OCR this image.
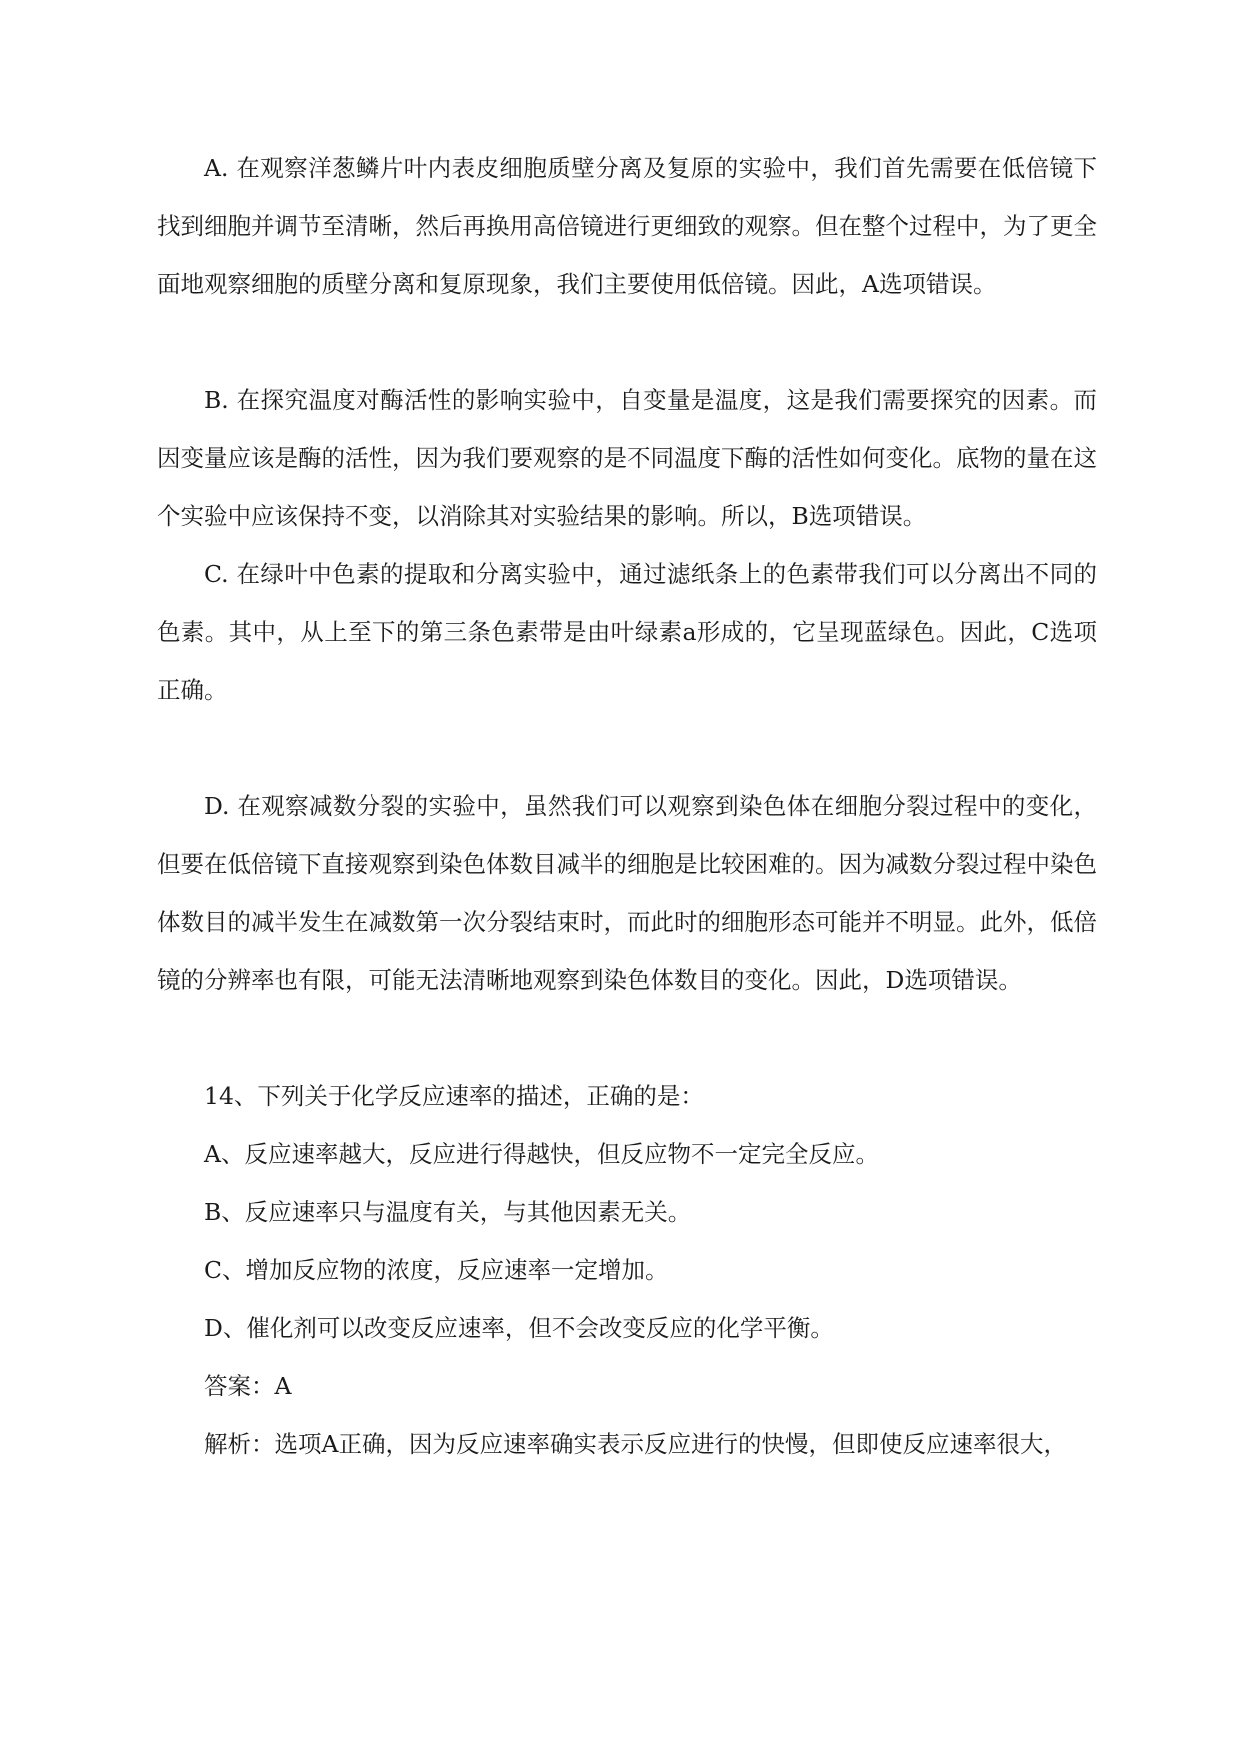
A. 在观察洋葱鳞片叶内表皮细胞质壁分离及复原的实验中，我们首先需要在低倍镜下找到细胞并调节至清晰，然后再换用高倍镜进行更细致的观察。但在整个过程中，为了更全面地观察细胞的质壁分离和复原现象，我们主要使用低倍镜。因此，A选项错误。

B. 在探究温度对酶活性的影响实验中，自变量是温度，这是我们需要探究的因素。而因变量应该是酶的活性，因为我们要观察的是不同温度下酶的活性如何变化。底物的量在这个实验中应该保持不变，以消除其对实验结果的影响。所以，B选项错误。

C. 在绿叶中色素的提取和分离实验中，通过滤纸条上的色素带我们可以分离出不同的色素。其中，从上至下的第三条色素带是由叶绿素a形成的，它呈现蓝绿色。因此，C选项正确。

D. 在观察减数分裂的实验中，虽然我们可以观察到染色体在细胞分裂过程中的变化，但要在低倍镜下直接观察到染色体数目减半的细胞是比较困难的。因为减数分裂过程中染色体数目的减半发生在减数第一次分裂结束时，而此时的细胞形态可能并不明显。此外，低倍镜的分辨率也有限，可能无法清晰地观察到染色体数目的变化。因此，D选项错误。

14、下列关于化学反应速率的描述，正确的是：

A、反应速率越大，反应进行得越快，但反应物不一定完全反应。

B、反应速率只与温度有关，与其他因素无关。

C、增加反应物的浓度，反应速率一定增加。

D、催化剂可以改变反应速率，但不会改变反应的化学平衡。

答案：A

解析：选项A正确，因为反应速率确实表示反应进行的快慢，但即使反应速率很大，
